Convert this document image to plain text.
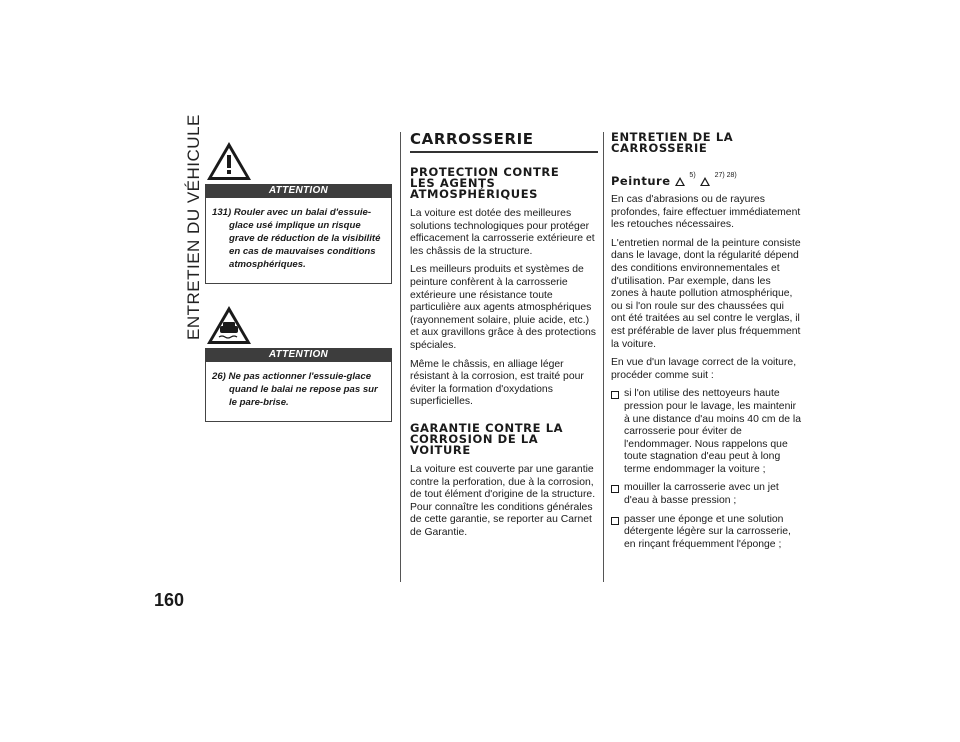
ENTRETIEN DU VÉHICULE
160
ATTENTION
131) Rouler avec un balai d'essuie-glace usé implique un risque grave de réduction de la visibilité en cas de mauvaises conditions atmosphériques.
ATTENTION
26) Ne pas actionner l'essuie-glace quand le balai ne repose pas sur le pare-brise.
CARROSSERIE
PROTECTION CONTRE
LES AGENTS
ATMOSPHÉRIQUES

La voiture est dotée des meilleures solutions technologiques pour protéger efficacement la carrosserie extérieure et les châssis de la structure.

Les meilleurs produits et systèmes de peinture confèrent à la carrosserie extérieure une résistance toute particulière aux agents atmosphériques (rayonnement solaire, pluie acide, etc.) et aux gravillons grâce à des protections spéciales.

Même le châssis, en alliage léger résistant à la corrosion, est traité pour éviter la formation d'oxydations superficielles.

GARANTIE CONTRE LA
CORROSION DE LA
VOITURE

La voiture est couverte par une garantie contre la perforation, due à la corrosion, de tout élément d'origine de la structure. Pour connaître les conditions générales de cette garantie, se reporter au Carnet de Garantie.

ENTRETIEN DE LA
CARROSSERIE
Peinture	$^{5)}$	$^{27) 28)}$

En cas d'abrasions ou de rayures profondes, faire effectuer immédiatement les retouches nécessaires.

L'entretien normal de la peinture consiste dans le lavage, dont la régularité dépend des conditions environnementales et d'utilisation. Par exemple, dans les zones à haute pollution atmosphérique, ou si l'on roule sur des chaussées qui ont été traitées au sel contre le verglas, il est préférable de laver plus fréquemment la voiture.

En vue d'un lavage correct de la voiture, procéder comme suit :

si l'on utilise des nettoyeurs haute pression pour le lavage, les maintenir à une distance d'au moins 40 cm de la carrosserie pour éviter de l'endommager. Nous rappelons que toute stagnation d'eau peut à long terme endommager la voiture ;
mouiller la carrosserie avec un jet d'eau à basse pression ;
passer une éponge et une solution détergente légère sur la carrosserie, en rinçant fréquemment l'éponge ;
